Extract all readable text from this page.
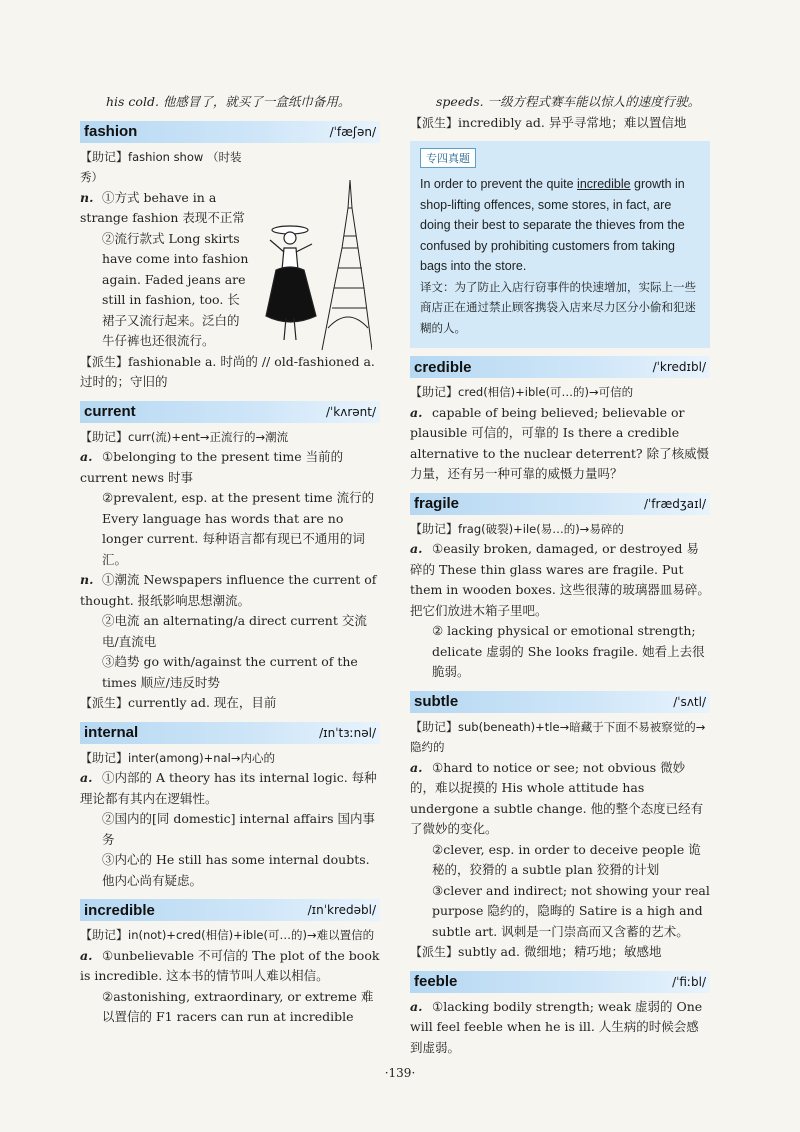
his cold. 他感冒了，就买了一盒纸巾备用。
fashion	/ˈfæʃən/
【助记】fashion show （时装秀）
n. ①方式 behave in a strange fashion 表现不正常
②流行款式 Long skirts have come into fashion again. Faded jeans are still in fashion, too. 长裙子又流行起来。泛白的牛仔裤也还很流行。
【派生】fashionable a. 时尚的 // old-fashioned a. 过时的；守旧的
current	/ˈkʌrənt/
【助记】curr(流)+ent→正流行的→潮流
a. ①belonging to the present time 当前的 current news 时事
②prevalent, esp. at the present time 流行的 Every language has words that are no longer current. 每种语言都有现已不通用的词汇。
n. ①潮流 Newspapers influence the current of thought. 报纸影响思想潮流。
②电流 an alternating/a direct current 交流电/直流电
③趋势 go with/against the current of the times 顺应/违反时势
【派生】currently ad. 现在，目前
internal	/ɪnˈtɜːnəl/
【助记】inter(among)+nal→内心的
a. ①内部的 A theory has its internal logic. 每种理论都有其内在逻辑性。
②国内的[同 domestic] internal affairs 国内事务
③内心的 He still has some internal doubts. 他内心尚有疑虑。
incredible	/ɪnˈkredəbl/
【助记】in(not)+cred(相信)+ible(可…的)→难以置信的
a. ①unbelievable 不可信的 The plot of the book is incredible. 这本书的情节叫人难以相信。
②astonishing, extraordinary, or extreme 难以置信的 F1 racers can run at incredible
speeds. 一级方程式赛车能以惊人的速度行驶。
【派生】incredibly ad. 异乎寻常地；难以置信地
专四真题
In order to prevent the quite incredible growth in shop-lifting offences, some stores, in fact, are doing their best to separate the thieves from the confused by prohibiting customers from taking bags into the store.
译文：为了防止入店行窃事件的快速增加，实际上一些商店正在通过禁止顾客携袋入店来尽力区分小偷和犯迷糊的人。
credible	/ˈkredɪbl/
【助记】cred(相信)+ible(可…的)→可信的
a. capable of being believed; believable or plausible 可信的，可靠的 Is there a credible alternative to the nuclear deterrent? 除了核威慑力量，还有另一种可靠的威慑力量吗？
fragile	/ˈfrædʒaɪl/
【助记】frag(破裂)+ile(易…的)→易碎的
a. ①easily broken, damaged, or destroyed 易碎的 These thin glass wares are fragile. Put them in wooden boxes. 这些很薄的玻璃器皿易碎。把它们放进木箱子里吧。
② lacking physical or emotional strength; delicate 虚弱的 She looks fragile. 她看上去很脆弱。
subtle	/ˈsʌtl/
【助记】sub(beneath)+tle→暗藏于下面不易被察觉的→隐约的
a. ①hard to notice or see; not obvious 微妙的，难以捉摸的 His whole attitude has undergone a subtle change. 他的整个态度已经有了微妙的变化。
②clever, esp. in order to deceive people 诡秘的，狡猾的 a subtle plan 狡猾的计划
③clever and indirect; not showing your real purpose 隐约的，隐晦的 Satire is a high and subtle art. 讽刺是一门崇高而又含蓄的艺术。
【派生】subtly ad. 微细地；精巧地；敏感地
feeble	/ˈfiːbl/
a. ①lacking bodily strength; weak 虚弱的 One will feel feeble when he is ill. 人生病的时候会感到虚弱。
·139·
